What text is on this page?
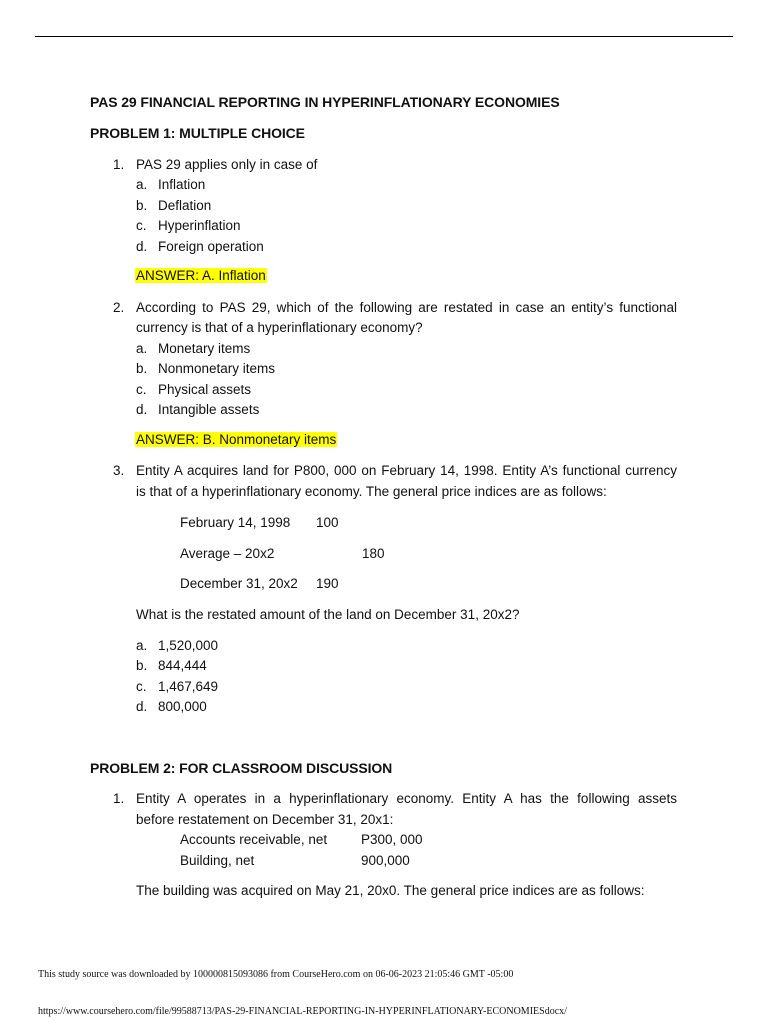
PAS 29 FINANCIAL REPORTING IN HYPERINFLATIONARY ECONOMIES
PROBLEM 1: MULTIPLE CHOICE
1. PAS 29 applies only in case of
a. Inflation
b. Deflation
c. Hyperinflation
d. Foreign operation
ANSWER: A. Inflation
2. According to PAS 29, which of the following are restated in case an entity’s functional
currency is that of a hyperinflationary economy?
a. Monetary items
b. Nonmonetary items
c. Physical assets
d. Intangible assets
ANSWER: B. Nonmonetary items
3. Entity A acquires land for P800, 000 on February 14, 1998. Entity A’s functional currency
is that of a hyperinflationary economy. The general price indices are as follows:
February 14, 1998 100
Average – 20x2	180
December 31, 20x2 190
What is the restated amount of the land on December 31, 20x2?
a. 1,520,000
b. 844,444
c. 1,467,649
d. 800,000
PROBLEM 2: FOR CLASSROOM DISCUSSION
1. Entity A operates in a hyperinflationary economy. Entity A has the following assets
before restatement on December 31, 20x1:
Accounts receivable, net	P300, 000
Building, net	900,000
The building was acquired on May 21, 20x0. The general price indices are as follows:
This study source was downloaded by 100000815093086 from CourseHero.com on 06-06-2023 21:05:46 GMT -05:00
https://www.coursehero.com/file/99588713/PAS-29-FINANCIAL-REPORTING-IN-HYPERINFLATIONARY-ECONOMIESdocx/
